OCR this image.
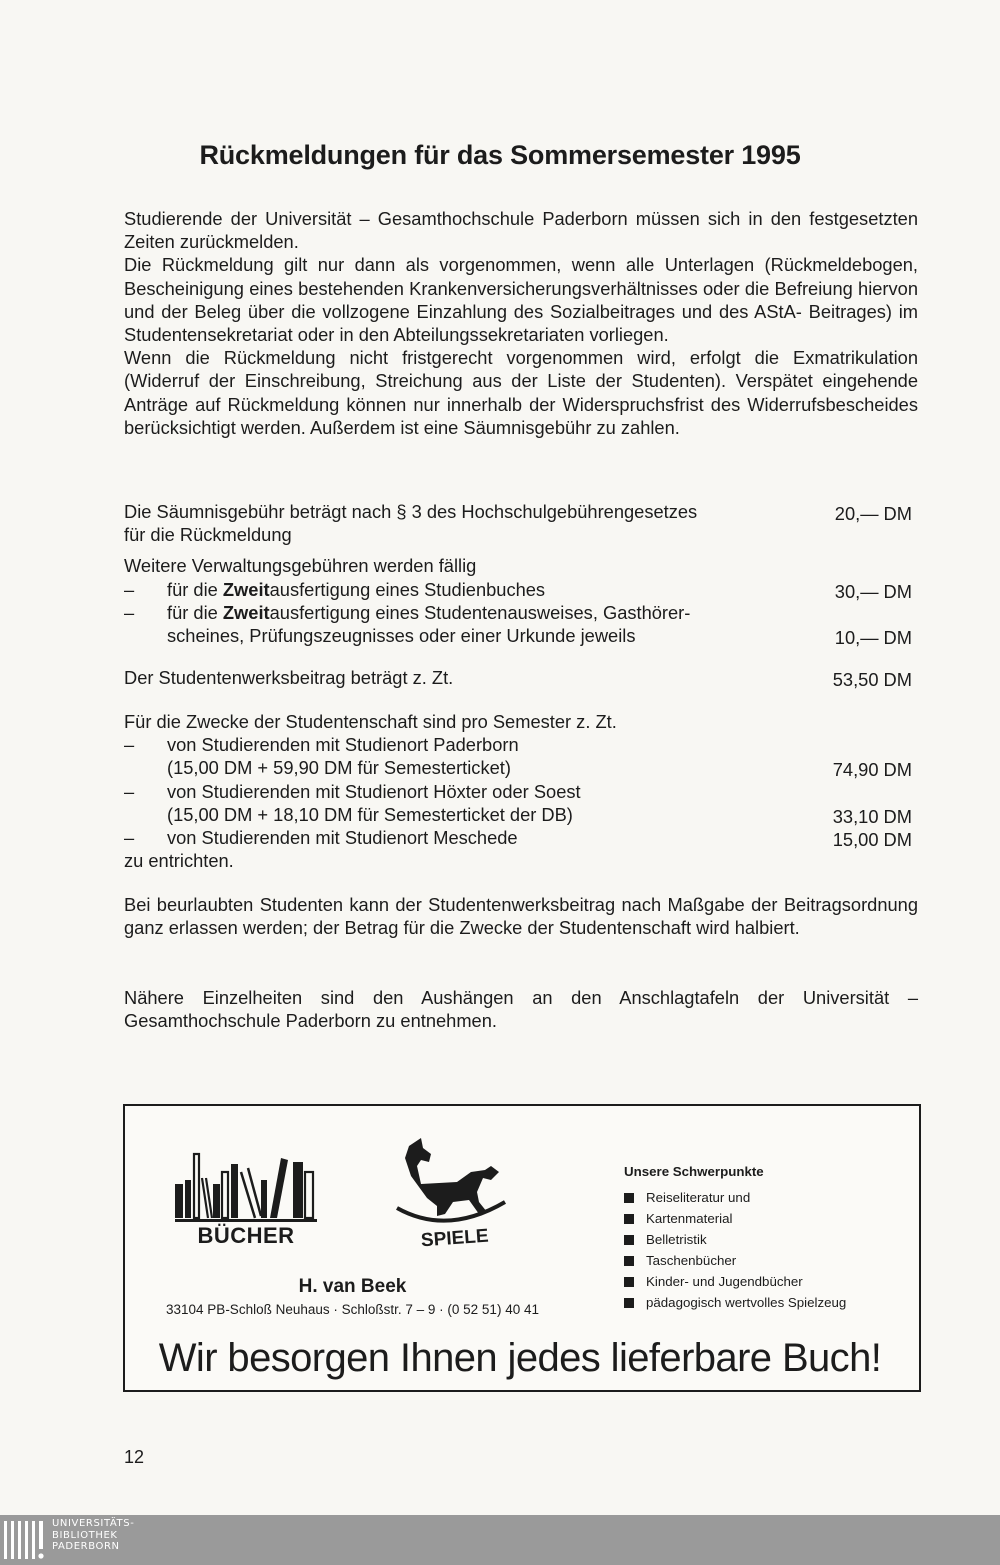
Rückmeldungen für das Sommersemester 1995

Studierende der Universität – Gesamthochschule Paderborn müssen sich in den festgesetzten Zeiten zurückmelden.

Die Rückmeldung gilt nur dann als vorgenommen, wenn alle Unterlagen (Rückmeldebogen, Bescheinigung eines bestehenden Krankenversicherungsverhältnisses oder die Befreiung hiervon und der Beleg über die vollzogene Einzahlung des Sozialbeitrages und des AStA- Beitrages) im Studentensekretariat oder in den Abteilungssekretariaten vorliegen.

Wenn die Rückmeldung nicht fristgerecht vorgenommen wird, erfolgt die Exmatrikulation (Widerruf der Einschreibung, Streichung aus der Liste der Studenten). Verspätet eingehende Anträge auf Rückmeldung können nur innerhalb der Widerspruchsfrist des Widerrufsbescheides berücksichtigt werden. Außerdem ist eine Säumnisgebühr zu zahlen.

Die Säumnisgebühr beträgt nach § 3 des Hochschulgebührengesetzes
für die Rückmeldung
20,— DM
Weitere Verwaltungsgebühren werden fällig
–	für die Zweitausfertigung eines Studienbuches	30,— DM
–	für die Zweitausfertigung eines Studentenausweises, Gasthörer-
scheines, Prüfungszeugnisses oder einer Urkunde jeweils	10,— DM
Der Studentenwerksbeitrag beträgt z. Zt.	53,50 DM
Für die Zwecke der Studentenschaft sind pro Semester z. Zt.
–	von Studierenden mit Studienort Paderborn
(15,00 DM + 59,90 DM für Semesterticket)	74,90 DM
–	von Studierenden mit Studienort Höxter oder Soest
(15,00 DM + 18,10 DM für Semesterticket der DB)	33,10 DM
–	von Studierenden mit Studienort Meschede	15,00 DM
zu entrichten.

Bei beurlaubten Studenten kann der Studentenwerksbeitrag nach Maßgabe der Beitragsordnung ganz erlassen werden; der Betrag für die Zwecke der Studentenschaft wird halbiert.

Nähere Einzelheiten sind den Aushängen an den Anschlagtafeln der Universität – Gesamthochschule Paderborn zu entnehmen.

BÜCHER	SPIELE
H. van Beek
33104 PB-Schloß Neuhaus · Schloßstr. 7 – 9 · (0 52 51) 40 41
Unsere Schwerpunkte
Reiseliteratur und
Kartenmaterial
Belletristik
Taschenbücher
Kinder- und Jugendbücher
pädagogisch wertvolles Spielzeug
Wir besorgen Ihnen jedes lieferbare Buch!
12
UNIVERSITÄTS-
BIBLIOTHEK
PADERBORN
